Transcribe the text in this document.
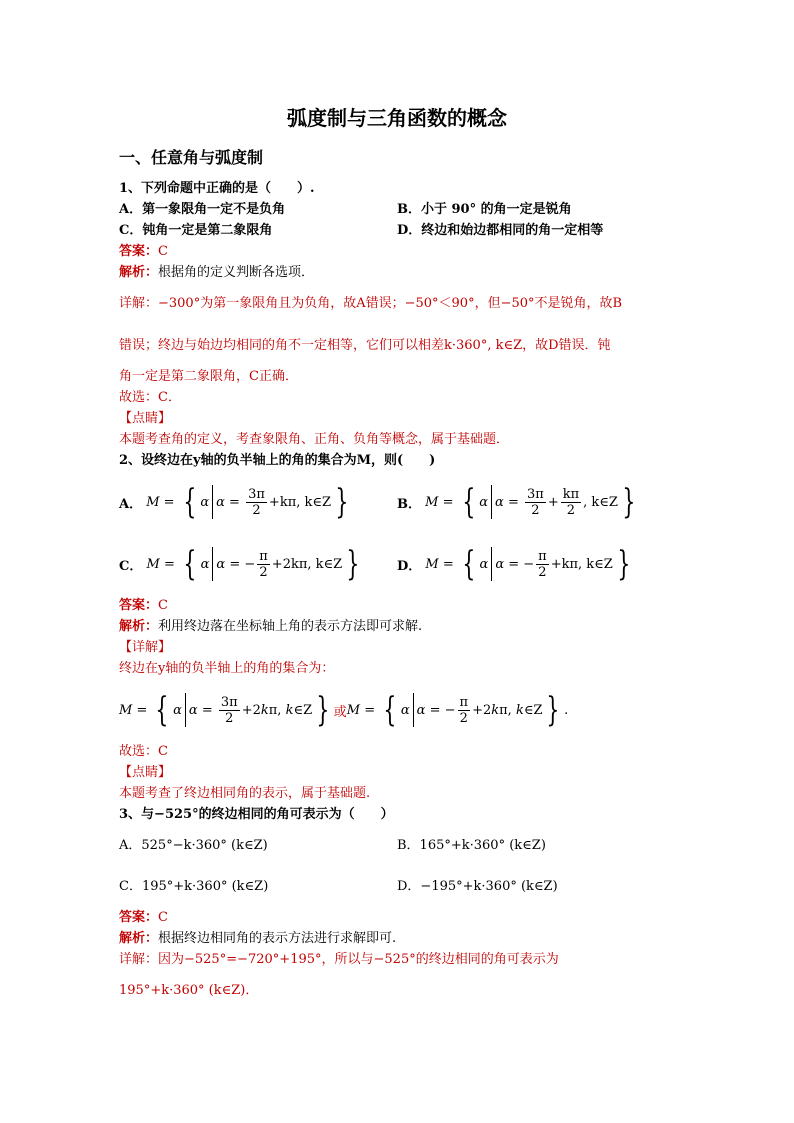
弧度制与三角函数的概念
一、任意角与弧度制
1、下列命题中正确的是（　　）.
A．第一象限角一定不是负角	B．小于 90° 的角一定是锐角
C．钝角一定是第二象限角	D．终边和始边都相同的角一定相等
答案：C
解析：根据角的定义判断各选项．
详解：−300°为第一象限角且为负角，故A错误；−50°＜90°，但−50°不是锐角，故B
错误；终边与始边均相同的角不一定相等，它们可以相差k·360°, k∈Z，故D错误．钝
角一定是第二象限角，C正确．
故选：C．
【点睛】
本题考查角的定义，考查象限角、正角、负角等概念，属于基础题．
2、设终边在y轴的负半轴上的角的集合为M，则(　　)
A．
M = { α $\alpha = \frac{3\pi}{2} +k\pi$, k∈Z }	B．
M = { α $\alpha = \frac{3\pi}{2} + \frac{k\pi}{2}$ , k∈Z }
C．
M = { α α = − $\frac{\pi}{2} +2k\pi$, k∈Z }	D．
M = { α α = − $\frac{\pi}{2} +k\pi$, k∈Z }
答案：C
解析：利用终边落在坐标轴上角的表示方法即可求解.
【详解】
终边在y轴的负半轴上的角的集合为：
M = { α $\alpha = \frac{3\pi}{2} +2$ k π, k ∈Z } 或 M = { α α = − $\frac{\pi}{2} +2$ k π, k ∈Z } .
故选：C
【点睛】
本题考查了终边相同角的表示，属于基础题.
3、与−525°的终边相同的角可表示为（　　）
A．525°−k·360° (k∈Z)	B．165°+k·360° (k∈Z)
C．195°+k·360° (k∈Z)	D．−195°+k·360° (k∈Z)
答案：C
解析：根据终边相同角的表示方法进行求解即可.
详解：因为−525°=−720°+195°，所以与−525°的终边相同的角可表示为
195°+k·360° (k∈Z)．
